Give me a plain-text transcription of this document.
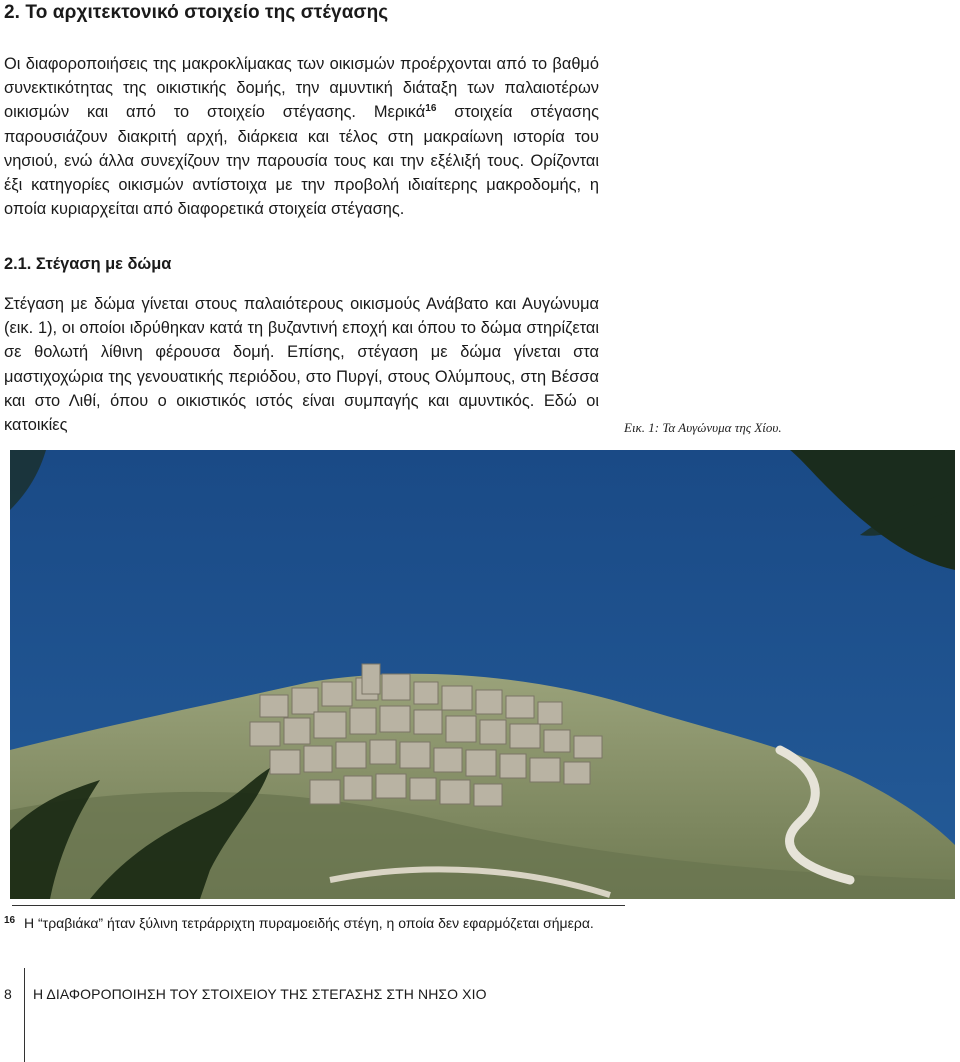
2. Το αρχιτεκτονικό στοιχείο της στέγασης

Οι διαφοροποιήσεις της μακροκλίμακας των οικισμών προέρχονται από το βαθμό συνεκτικότητας της οικιστικής δομής, την αμυντική διάταξη των παλαιοτέρων οικισμών και από το στοιχείο στέγασης. Μερικά$^{16}$ στοιχεία στέγασης παρουσιάζουν διακριτή αρχή, διάρκεια και τέλος στη μακραίωνη ιστορία του νησιού, ενώ άλλα συνεχίζουν την παρουσία τους και την εξέλιξή τους. Ορίζονται έξι κατηγορίες οικισμών αντίστοιχα με την προβολή ιδιαίτερης μακροδομής, η οποία κυριαρχείται από διαφορετικά στοιχεία στέγασης.

2.1. Στέγαση με δώμα

Στέγαση με δώμα γίνεται στους παλαιότερους οικισμούς Ανάβατο και Αυγώνυμα (εικ. 1), οι οποίοι ιδρύθηκαν κατά τη βυζαντινή εποχή και όπου το δώμα στηρίζεται σε θολωτή λίθινη φέρουσα δομή. Επίσης, στέγαση με δώμα γίνεται στα μαστιχοχώρια της γενουατικής περιόδου, στο Πυργί, στους Ολύμπους, στη Βέσσα και στο Λιθί, όπου ο οικιστικός ιστός είναι συμπαγής και αμυντικός. Εδώ οι κατοικίες	Εικ. 1: Τα Αυγώνυμα της Χίου.
16 Η “τραβιάκα” ήταν ξύλινη τετράρριχτη πυραμοειδής στέγη, η οποία δεν εφαρμόζεται σήμερα.
8 Η ΔΙΑΦΟΡΟΠΟΙΗΣΗ ΤΟΥ ΣΤΟΙΧΕΙΟΥ ΤΗΣ ΣΤΕΓΑΣΗΣ ΣΤΗ ΝΗΣΟ ΧΙΟ
